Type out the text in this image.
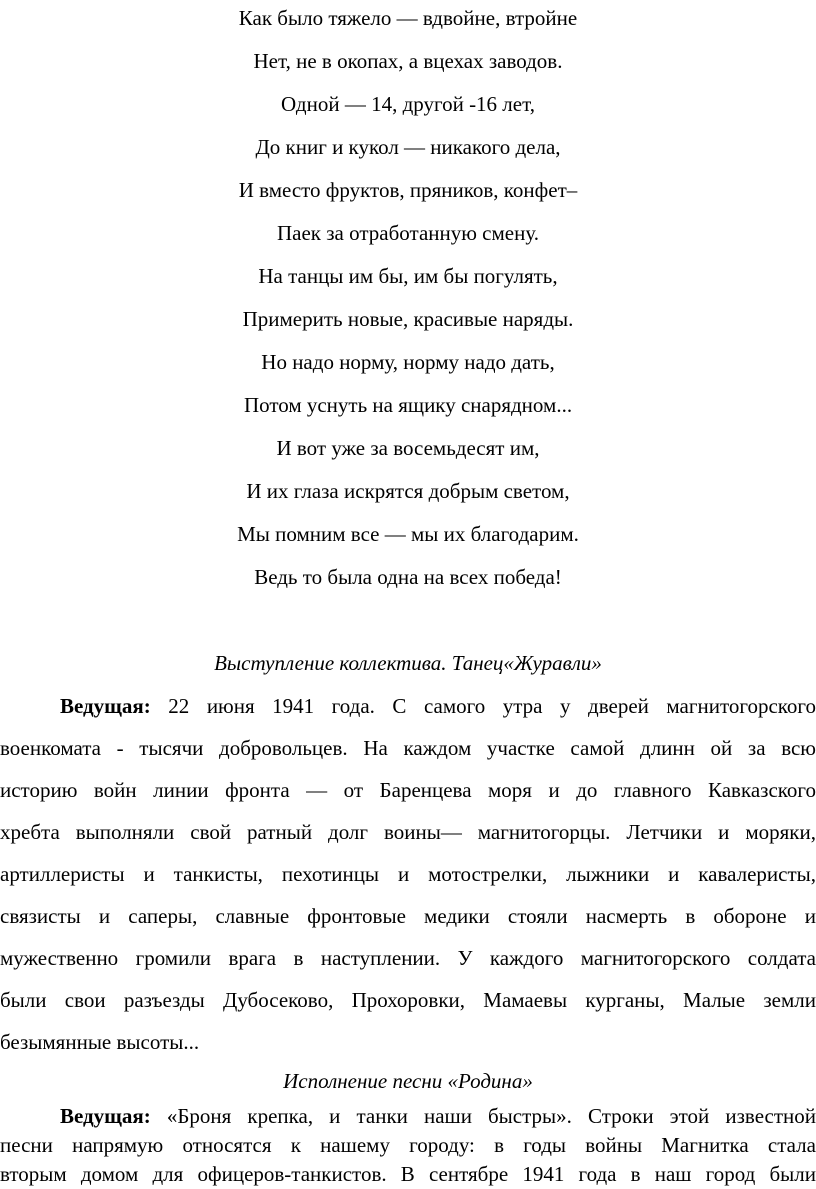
Как было тяжело — вдвойне, втройне
Нет, не в окопах, а вцехах заводов.
Одной — 14, другой -16 лет,
До книг и кукол — никакого дела,
И вместо фруктов, пряников, конфет–
Паек за отработанную смену.
На танцы им бы, им бы погулять,
Примерить новые, красивые наряды.
Но надо норму, норму надо дать,
Потом уснуть на ящику снарядном...
И вот уже за восемьдесят им,
И их глаза искрятся добрым светом,
Мы помним все — мы их благодарим.
Ведь то была одна на всех победа!
Выступление коллектива. Танец«Журавли»
Ведущая: 22 июня 1941 года. С самого утра у дверей магнитогорского
военкомата - тысячи добровольцев. На каждом участке самой длинн ой за всю
историю войн линии фронта — от Баренцева моря и до главного Кавказского
хребта выполняли свой ратный долг воины— магнитогорцы. Летчики и моряки,
артиллеристы и танкисты, пехотинцы и мотострелки, лыжники и кавалеристы,
связисты и саперы, славные фронтовые медики стояли насмерть в обороне и
мужественно громили врага в наступлении. У каждого магнитогорского солдата
были свои разъезды Дубосеково, Прохоровки, Мамаевы курганы, Малые земли
безымянные высоты...
Исполнение песни «Родина»
Ведущая: «Броня крепка, и танки наши быстры». Строки этой известной
песни напрямую относятся к нашему городу: в годы войны Магнитка стала
вторым домом для офицеров-танкистов. В сентябре 1941 года в наш город были
